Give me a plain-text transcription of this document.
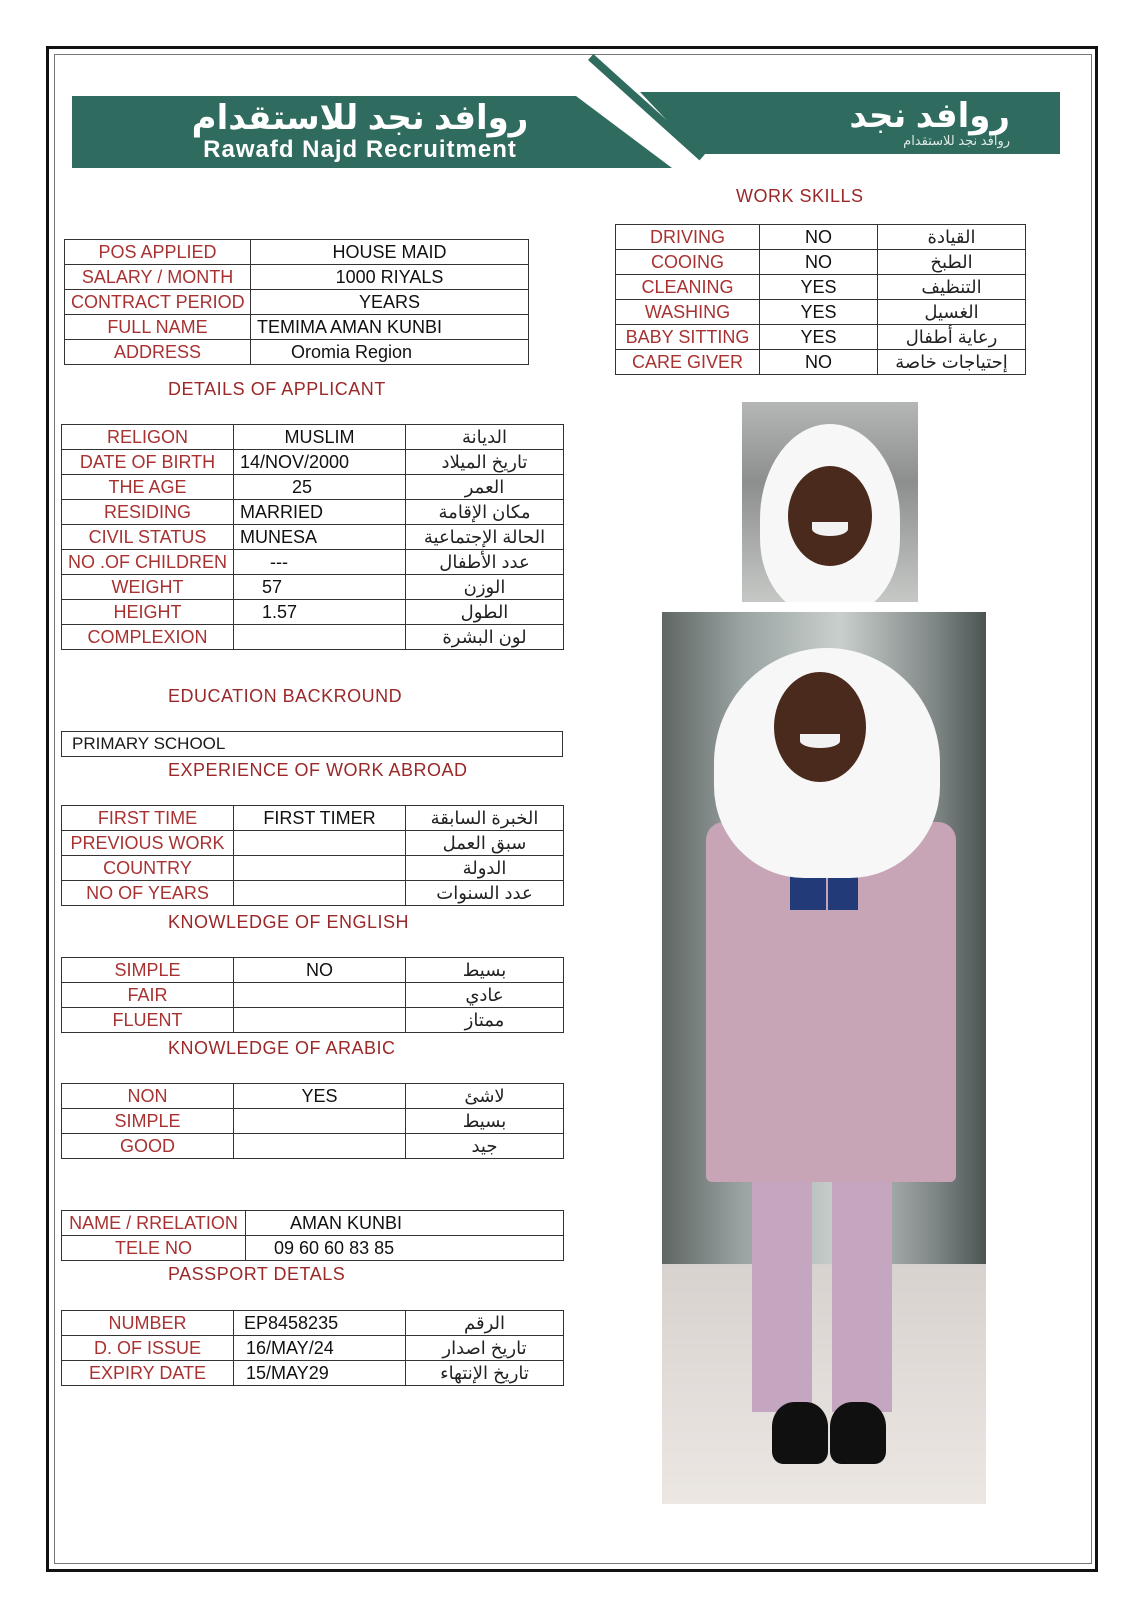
روافد نجد للاستقدام
Rawafd Najd Recruitment
روافد نجد
روافد نجد للاستقدام
WORK SKILLS
DRIVING	NO	القيادة
COOING	NO	الطبخ
CLEANING	YES	التنظيف
WASHING	YES	الغسيل
BABY SITTING	YES	رعاية أطفال
CARE GIVER	NO	إحتياجات خاصة
POS APPLIED	HOUSE MAID
SALARY / MONTH	1000 RIYALS
CONTRACT PERIOD	YEARS
FULL NAME	TEMIMA AMAN KUNBI
ADDRESS	Oromia Region
DETAILS OF APPLICANT
RELIGON	MUSLIM	الديانة
DATE OF BIRTH	14/NOV/2000	تاريخ الميلاد
THE AGE	25	العمر
RESIDING	MARRIED	مكان الإقامة
CIVIL STATUS	MUNESA	الحالة الإجتماعية
NO .OF CHILDREN	---	عدد الأطفال
WEIGHT	57	الوزن
HEIGHT	1.57	الطول
COMPLEXION		لون البشرة
EDUCATION BACKROUND
PRIMARY SCHOOL
EXPERIENCE OF WORK ABROAD
FIRST TIME	FIRST TIMER	الخبرة السابقة
PREVIOUS WORK		سبق العمل
COUNTRY		الدولة
NO OF YEARS		عدد السنوات
KNOWLEDGE OF ENGLISH
SIMPLE	NO	بسيط
FAIR		عادي
FLUENT		ممتاز
KNOWLEDGE OF ARABIC
NON	YES	لاشئ
SIMPLE		بسيط
GOOD		جيد
NAME / RRELATION	AMAN KUNBI
TELE NO	09 60 60 83 85
PASSPORT DETALS
NUMBER	EP8458235	الرقم
D. OF ISSUE	16/MAY/24	تاريخ اصدار
EXPIRY DATE	15/MAY29	تاريخ الإنتهاء
